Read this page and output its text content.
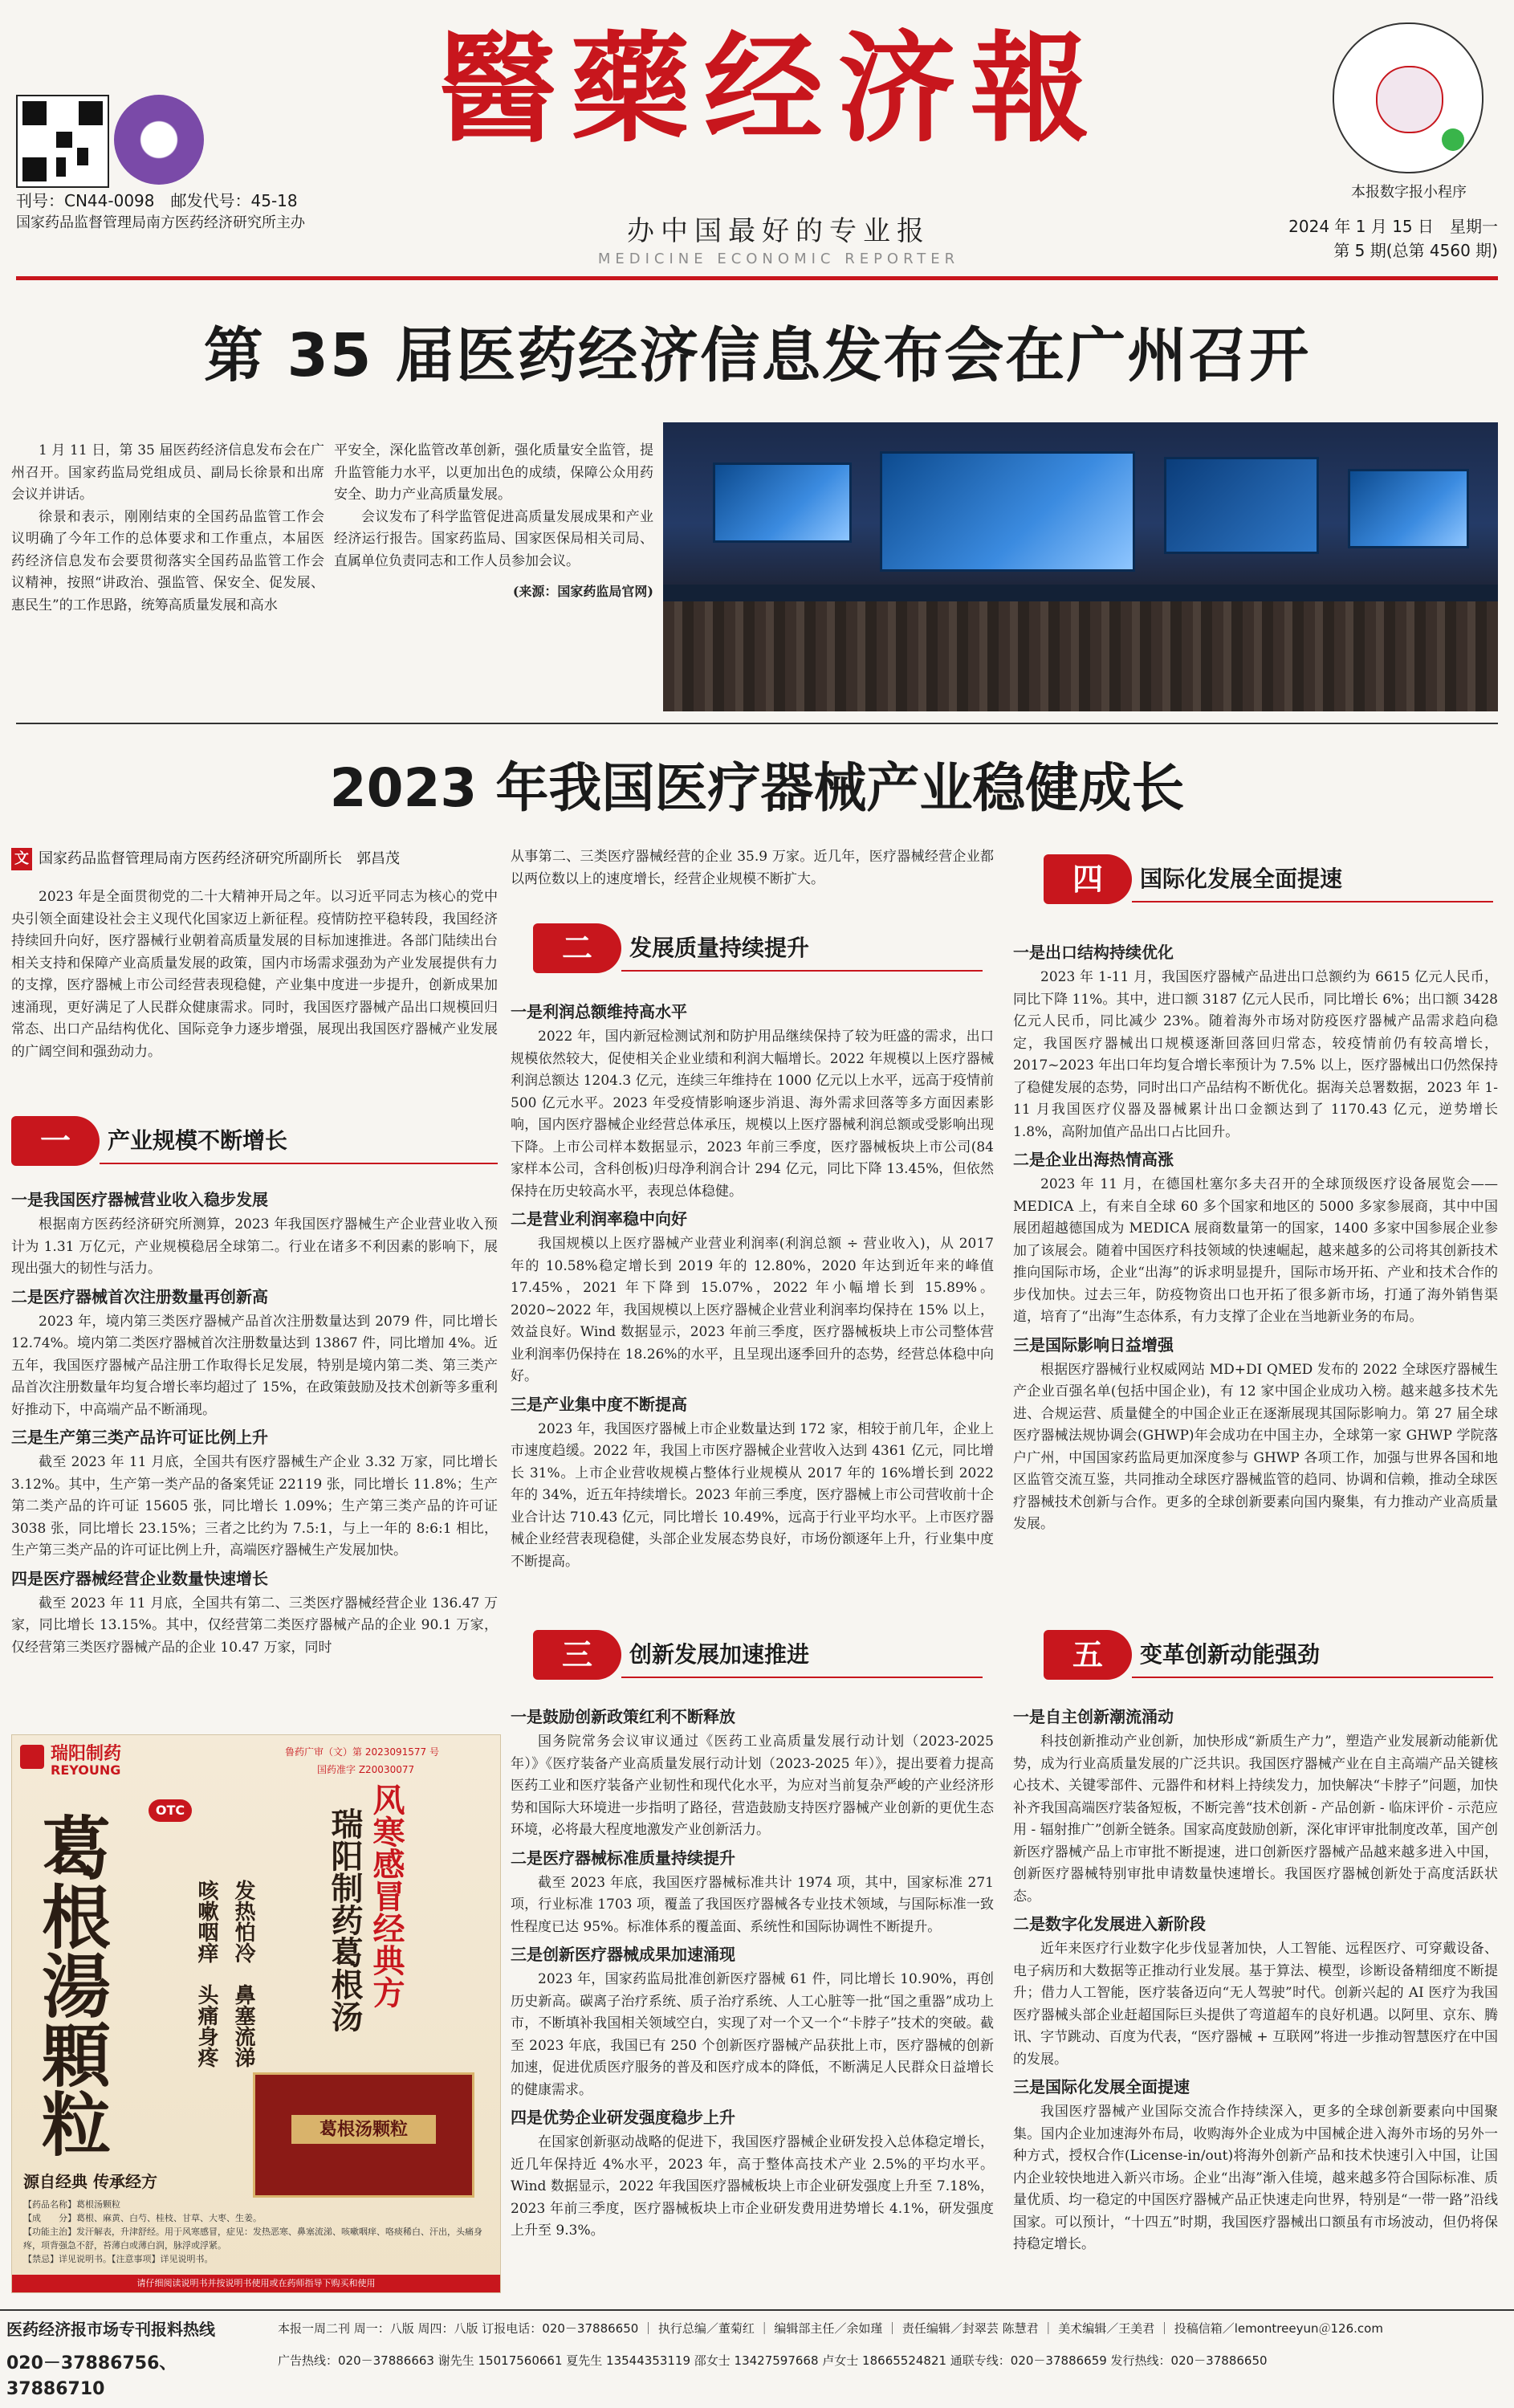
刊号：CN44-0098　邮发代号：45-18
国家药品监督管理局南方医药经济研究所主办
醫藥经济報
办中国最好的专业报
MEDICINE ECONOMIC REPORTER
本报数字报小程序
2024 年 1 月 15 日　星期一
第 5 期(总第 4560 期)
第 35 届医药经济信息发布会在广州召开

1 月 11 日，第 35 届医药经济信息发布会在广州召开。国家药监局党组成员、副局长徐景和出席会议并讲话。

徐景和表示，刚刚结束的全国药品监管工作会议明确了今年工作的总体要求和工作重点，本届医药经济信息发布会要贯彻落实全国药品监管工作会议精神，按照“讲政治、强监管、保安全、促发展、惠民生”的工作思路，统筹高质量发展和高水

平安全，深化监管改革创新，强化质量安全监管，提升监管能力水平，以更加出色的成绩，保障公众用药安全、助力产业高质量发展。

会议发布了科学监管促进高质量发展成果和产业经济运行报告。国家药监局、国家医保局相关司局、直属单位负责同志和工作人员参加会议。

(来源：国家药监局官网)
2023 年我国医疗器械产业稳健成长
文 国家药品监督管理局南方医药经济研究所副所长　郭昌茂

2023 年是全面贯彻党的二十大精神开局之年。以习近平同志为核心的党中央引领全面建设社会主义现代化国家迈上新征程。疫情防控平稳转段，我国经济持续回升向好，医疗器械行业朝着高质量发展的目标加速推进。各部门陆续出台相关支持和保障产业高质量发展的政策，国内市场需求强劲为产业发展提供有力的支撑，医疗器械上市公司经营表现稳健，产业集中度进一步提升，创新成果加速涌现，更好满足了人民群众健康需求。同时，我国医疗器械产品出口规模回归常态、出口产品结构优化、国际竞争力逐步增强，展现出我国医疗器械产业发展的广阔空间和强劲动力。

一	产业规模不断增长
一是我国医疗器械营业收入稳步发展

根据南方医药经济研究所测算，2023 年我国医疗器械生产企业营业收入预计为 1.31 万亿元，产业规模稳居全球第二。行业在诸多不利因素的影响下，展现出强大的韧性与活力。

二是医疗器械首次注册数量再创新高

2023 年，境内第三类医疗器械产品首次注册数量达到 2079 件，同比增长 12.74%。境内第二类医疗器械首次注册数量达到 13867 件，同比增加 4%。近五年，我国医疗器械产品注册工作取得长足发展，特别是境内第二类、第三类产品首次注册数量年均复合增长率均超过了 15%，在政策鼓励及技术创新等多重利好推动下，中高端产品不断涌现。

三是生产第三类产品许可证比例上升

截至 2023 年 11 月底，全国共有医疗器械生产企业 3.32 万家，同比增长 3.12%。其中，生产第一类产品的备案凭证 22119 张，同比增长 11.8%；生产第二类产品的许可证 15605 张，同比增长 1.09%；生产第三类产品的许可证 3038 张，同比增长 23.15%；三者之比约为 7.5:1，与上一年的 8:6:1 相比，生产第三类产品的许可证比例上升，高端医疗器械生产发展加快。

四是医疗器械经营企业数量快速增长

截至 2023 年 11 月底，全国共有第二、三类医疗器械经营企业 136.47 万家，同比增长 13.15%。其中，仅经营第二类医疗器械产品的企业 90.1 万家，仅经营第三类医疗器械产品的企业 10.47 万家，同时

瑞阳制药
REYOUNG
鲁药广审（文）第 2023091577 号
国药准字 Z20030077
OTC
葛根湯顆粒	发热怕冷　鼻塞流涕
咳嗽咽痒　头痛身疼	风寒感冒经典方
瑞阳制药葛根汤
葛根汤颗粒
源自经典 传承经方
【药品名称】葛根汤颗粒
【成　　分】葛根、麻黄、白芍、桂枝、甘草、大枣、生姜。
【功能主治】发汗解表，升津舒经。用于风寒感冒，症见：发热恶寒、鼻塞流涕、咳嗽咽痒、咯痰稀白、汗出，头痛身疼，项背强急不舒，苔薄白或薄白润，脉浮或浮紧。
【禁忌】详见说明书。【注意事项】详见说明书。
请仔细阅读说明书并按说明书使用或在药师指导下购买和使用

从事第二、三类医疗器械经营的企业 35.9 万家。近几年，医疗器械经营企业都以两位数以上的速度增长，经营企业规模不断扩大。

二	发展质量持续提升
一是利润总额维持高水平

2022 年，国内新冠检测试剂和防护用品继续保持了较为旺盛的需求，出口规模依然较大，促使相关企业业绩和利润大幅增长。2022 年规模以上医疗器械利润总额达 1204.3 亿元，连续三年维持在 1000 亿元以上水平，远高于疫情前 500 亿元水平。2023 年受疫情影响逐步消退、海外需求回落等多方面因素影响，国内医疗器械企业经营总体承压，规模以上医疗器械利润总额或受影响出现下降。上市公司样本数据显示，2023 年前三季度，医疗器械板块上市公司(84 家样本公司，含科创板)归母净利润合计 294 亿元，同比下降 13.45%，但依然保持在历史较高水平，表现总体稳健。

二是营业利润率稳中向好

我国规模以上医疗器械产业营业利润率(利润总额 ÷ 营业收入)，从 2017 年的 10.58%稳定增长到 2019 年的 12.80%，2020 年达到近年来的峰值 17.45%，2021 年下降到 15.07%，2022 年小幅增长到 15.89%。2020~2022 年，我国规模以上医疗器械企业营业利润率均保持在 15% 以上，效益良好。Wind 数据显示，2023 年前三季度，医疗器械板块上市公司整体营业利润率仍保持在 18.26%的水平，且呈现出逐季回升的态势，经营总体稳中向好。

三是产业集中度不断提高

2023 年，我国医疗器械上市企业数量达到 172 家，相较于前几年，企业上市速度趋缓。2022 年，我国上市医疗器械企业营收入达到 4361 亿元，同比增长 31%。上市企业营收规模占整体行业规模从 2017 年的 16%增长到 2022 年的 34%，近五年持续增长。2023 年前三季度，医疗器械上市公司营收前十企业合计达 710.43 亿元，同比增长 10.49%，远高于行业平均水平。上市医疗器械企业经营表现稳健，头部企业发展态势良好，市场份额逐年上升，行业集中度不断提高。

三	创新发展加速推进
一是鼓励创新政策红利不断释放

国务院常务会议审议通过《医药工业高质量发展行动计划（2023-2025 年）》《医疗装备产业高质量发展行动计划（2023-2025 年）》，提出要着力提高医药工业和医疗装备产业韧性和现代化水平，为应对当前复杂严峻的产业经济形势和国际大环境进一步指明了路径，营造鼓励支持医疗器械产业创新的更优生态环境，必将最大程度地激发产业创新活力。

二是医疗器械标准质量持续提升

截至 2023 年底，我国医疗器械标准共计 1974 项，其中，国家标准 271 项，行业标准 1703 项，覆盖了我国医疗器械各专业技术领域，与国际标准一致性程度已达 95%。标准体系的覆盖面、系统性和国际协调性不断提升。

三是创新医疗器械成果加速涌现

2023 年，国家药监局批准创新医疗器械 61 件，同比增长 10.90%，再创历史新高。碳离子治疗系统、质子治疗系统、人工心脏等一批“国之重器”成功上市，不断填补我国相关领域空白，实现了对一个又一个“卡脖子”技术的突破。截至 2023 年底，我国已有 250 个创新医疗器械产品获批上市，医疗器械的创新加速，促进优质医疗服务的普及和医疗成本的降低，不断满足人民群众日益增长的健康需求。

四是优势企业研发强度稳步上升

在国家创新驱动战略的促进下，我国医疗器械企业研发投入总体稳定增长，近几年保持近 4%水平，2023 年，高于整体高技术产业 2.5%的平均水平。Wind 数据显示，2022 年我国医疗器械板块上市企业研发强度上升至 7.18%，2023 年前三季度，医疗器械板块上市企业研发费用进势增长 4.1%，研发强度上升至 9.3%。

四	国际化发展全面提速
一是出口结构持续优化

2023 年 1-11 月，我国医疗器械产品进出口总额约为 6615 亿元人民币，同比下降 11%。其中，进口额 3187 亿元人民币，同比增长 6%；出口额 3428 亿元人民币，同比减少 23%。随着海外市场对防疫医疗器械产品需求趋向稳定，我国医疗器械出口规模逐渐回落回归常态，较疫情前仍有较高增长，2017~2023 年出口年均复合增长率预计为 7.5% 以上，医疗器械出口仍然保持了稳健发展的态势，同时出口产品结构不断优化。据海关总署数据，2023 年 1-11 月我国医疗仪器及器械累计出口金额达到了 1170.43 亿元，逆势增长 1.8%，高附加值产品出口占比回升。

二是企业出海热情高涨

2023 年 11 月，在德国杜塞尔多夫召开的全球顶级医疗设备展览会——MEDICA 上，有来自全球 60 多个国家和地区的 5000 多家参展商，其中中国展团超越德国成为 MEDICA 展商数量第一的国家，1400 多家中国参展企业参加了该展会。随着中国医疗科技领域的快速崛起，越来越多的公司将其创新技术推向国际市场，企业“出海”的诉求明显提升，国际市场开拓、产业和技术合作的步伐加快。过去三年，防疫物资出口也开拓了很多新市场，打通了海外销售渠道，培育了“出海”生态体系，有力支撑了企业在当地新业务的布局。

三是国际影响日益增强

根据医疗器械行业权威网站 MD+DI QMED 发布的 2022 全球医疗器械生产企业百强名单(包括中国企业)，有 12 家中国企业成功入榜。越来越多技术先进、合规运营、质量健全的中国企业正在逐渐展现其国际影响力。第 27 届全球医疗器械法规协调会(GHWP)年会成功在中国主办，全球第一家 GHWP 学院落户广州，中国国家药监局更加深度参与 GHWP 各项工作，加强与世界各国和地区监管交流互鉴，共同推动全球医疗器械监管的趋同、协调和信赖，推动全球医疗器械技术创新与合作。更多的全球创新要素向国内聚集，有力推动产业高质量发展。

五	变革创新动能强劲
一是自主创新潮流涌动

科技创新推动产业创新，加快形成“新质生产力”，塑造产业发展新动能新优势，成为行业高质量发展的广泛共识。我国医疗器械产业在自主高端产品关键核心技术、关键零部件、元器件和材料上持续发力，加快解决“卡脖子”问题，加快补齐我国高端医疗装备短板，不断完善“技术创新 - 产品创新 - 临床评价 - 示范应用 - 辐射推广”创新全链条。国家高度鼓励创新，深化审评审批制度改革，国产创新医疗器械产品上市审批不断提速，进口创新医疗器械产品越来越多进入中国，创新医疗器械特别审批申请数量快速增长。我国医疗器械创新处于高度活跃状态。

二是数字化发展进入新阶段

近年来医疗行业数字化步伐显著加快，人工智能、远程医疗、可穿戴设备、电子病历和大数据等正推动行业发展。基于算法、模型，诊断设备精细度不断提升；借力人工智能，医疗装备迈向“无人驾驶”时代。创新兴起的 AI 医疗为我国医疗器械头部企业赶超国际巨头提供了弯道超车的良好机遇。以阿里、京东、腾讯、字节跳动、百度为代表，“医疗器械 + 互联网”将进一步推动智慧医疗在中国的发展。

三是国际化发展全面提速

我国医疗器械产业国际交流合作持续深入，更多的全球创新要素向中国聚集。国内企业加速海外布局，收购海外企业成为中国械企进入海外市场的另外一种方式，授权合作(License-in/out)将海外创新产品和技术快速引入中国，让国内企业较快地进入新兴市场。企业“出海”渐入佳境，越来越多符合国际标准、质量优质、均一稳定的中国医疗器械产品正快速走向世界，特别是“一带一路”沿线国家。可以预计，“十四五”时期，我国医疗器械出口额虽有市场波动，但仍将保持稳定增长。

医药经济报市场专刊报料热线
020－37886756、37886710
本报一周二刊 周一：八版 周四：八版 订报电话：020－37886650 ｜ 执行总编／董菊红 ｜ 编辑部主任／余如瑾 ｜ 责任编辑／封翠芸 陈慧君 ｜ 美术编辑／王美君 ｜ 投稿信箱／lemontreeyun＠126.com
广告热线：020－37886663 谢先生 15017560661 夏先生 13544353119 邵女士 13427597668 卢女士 18665524821 通联专线：020－37886659 发行热线：020－37886650
